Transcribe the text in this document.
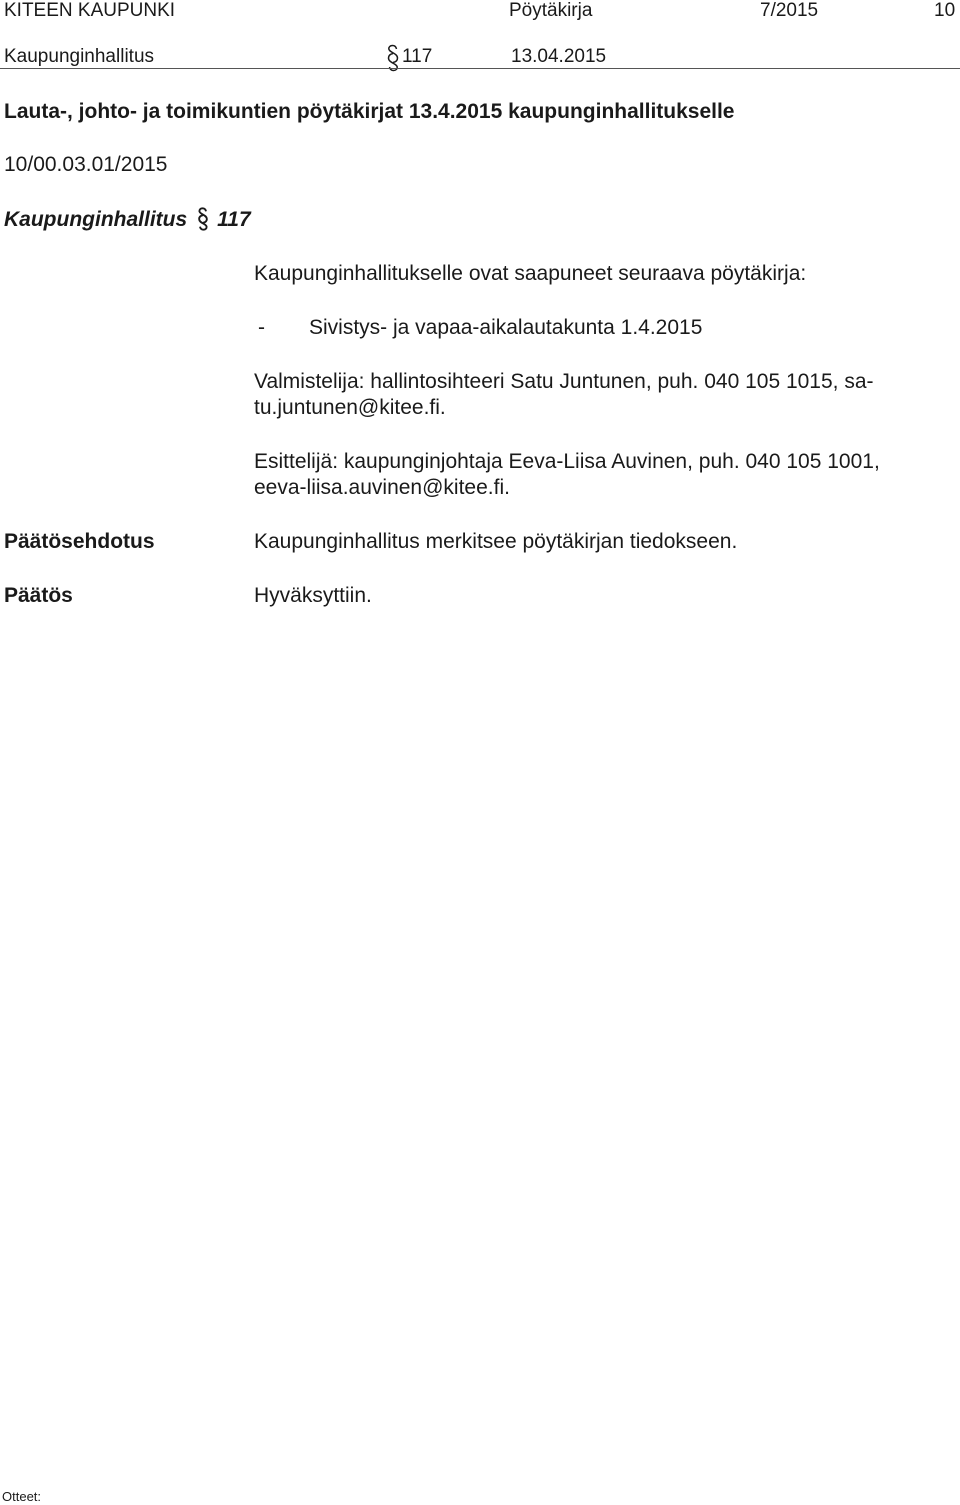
KITEEN KAUPUNKI	Pöytäkirja	7/2015	10
Kaupunginhallitus	117	13.04.2015
Lauta-, johto- ja toimikuntien pöytäkirjat 13.4.2015 kaupunginhallitukselle
10/00.03.01/2015
Kaupunginhallitus 117
Kaupunginhallitukselle ovat saapuneet seuraava pöytäkirja:
- Sivistys- ja vapaa-aikalautakunta 1.4.2015
Valmistelija: hallintosihteeri Satu Juntunen, puh. 040 105 1015, sa-
tu.juntunen@kitee.fi.
Esittelijä: kaupunginjohtaja Eeva-Liisa Auvinen, puh. 040 105 1001,
eeva-liisa.auvinen@kitee.fi.
Päätösehdotus	Kaupunginhallitus merkitsee pöytäkirjan tiedokseen.
Päätös	Hyväksyttiin.
Otteet:
